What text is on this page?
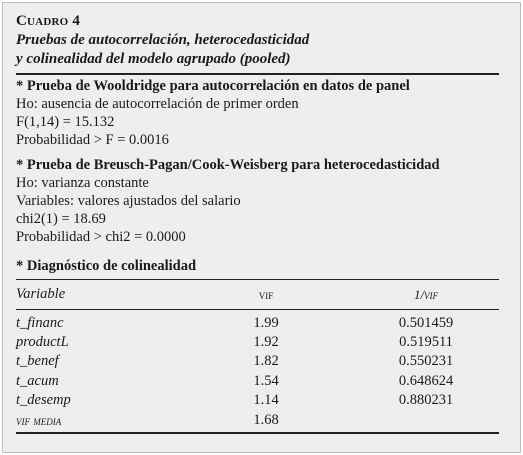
Cuadro 4
Pruebas de autocorrelación, heterocedasticidad
y colinealidad del modelo agrupado (pooled)
* Prueba de Wooldridge para autocorrelación en datos de panel
Ho: ausencia de autocorrelación de primer orden
F(1,14) = 15.132
Probabilidad > F = 0.0016
* Prueba de Breusch-Pagan/Cook-Weisberg para heterocedasticidad
Ho: varianza constante
Variables: valores ajustados del salario
chi2(1) = 18.69
Probabilidad > chi2 = 0.0000
* Diagnóstico de colinealidad
Variable	vif	1/vif
t_financ	1.99	0.501459
productL	1.92	0.519511
t_benef	1.82	0.550231
t_acum	1.54	0.648624
t_desemp	1.14	0.880231
vif media	1.68
